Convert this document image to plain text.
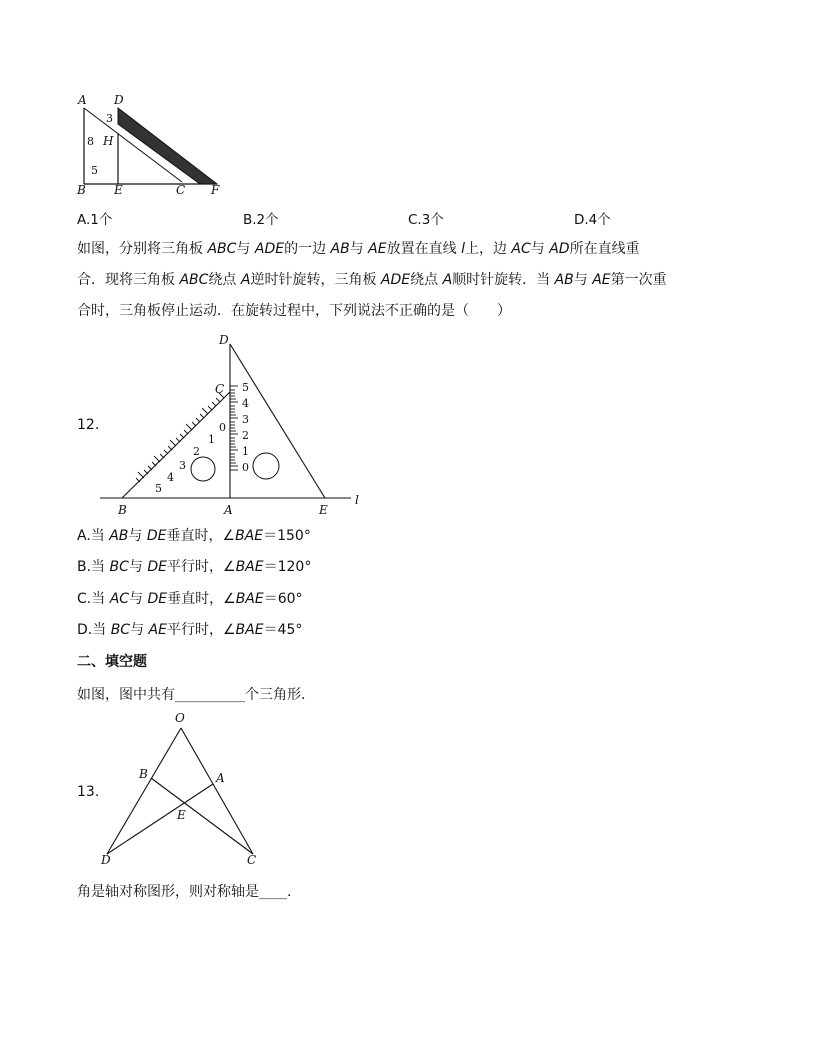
A D
3
8 H
5
B E	C F
A.1个	B.2个	C.3个	D.4个
如图，分别将三角板 ABC与 ADE的一边 AB与 AE放置在直线 l上，边 AC与 AD所在直线重
合．现将三角板 ABC绕点 A逆时针旋转，三角板 ADE绕点 A顺时针旋转．当 AB与 AE第一次重
合时，三角板停止运动．在旋转过程中，下列说法不正确的是（　　）
12.
5
4
3
2
1
0
0
1
2
3
4
5
D
C
B	A	E
l
A.当 AB与 DE垂直时，∠BAE＝150°
B.当 BC与 DE平行时，∠BAE＝120°
C.当 AC与 DE垂直时，∠BAE＝60°
D.当 BC与 AE平行时，∠BAE＝45°
二、填空题
如图，图中共有__________个三角形.
13.
O
B	A
E
D	C
角是轴对称图形，则对称轴是____.
